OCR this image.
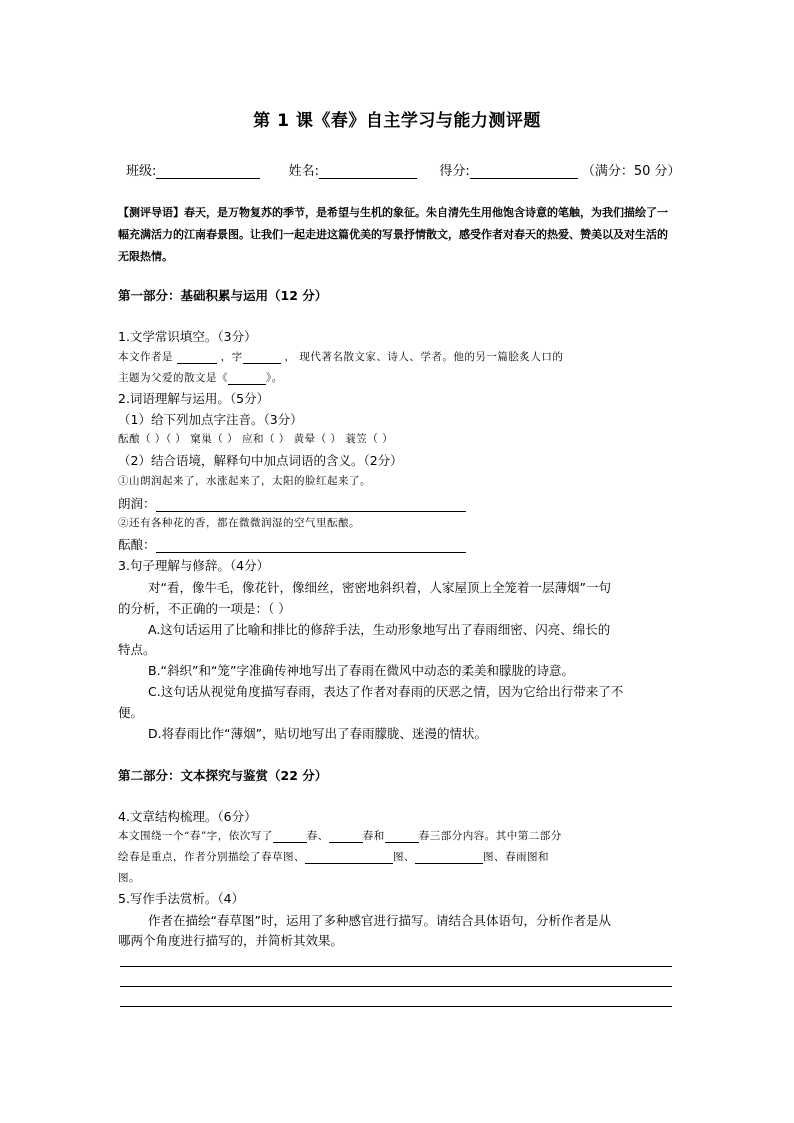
第 1 课《春》自主学习与能力测评题
班级:	姓名:	得分:	（满分：50 分）
【测评导语】春天，是万物复苏的季节，是希望与生机的象征。朱自清先生用他饱含诗意的笔触，为我们描绘了一幅充满活力的江南春景图。让我们一起走进这篇优美的写景抒情散文，感受作者对春天的热爱、赞美以及对生活的无限热情。
第一部分：基础积累与运用（12 分）
1.文学常识填空。（3分）
本文作者是	，字	， 现代著名散文家、诗人、学者。他的另一篇脍炙人口的
主题为父爱的散文是《	》。
2.词语理解与运用。（5分）
（1）给下列加点字注音。（3分）
酝酿（ ）（ ） 窠巢（ ） 应和（ ） 黄晕（ ） 蓑笠（ ）
（2）结合语境，解释句中加点词语的含义。（2分）
①山朗润起来了，水涨起来了，太阳的脸红起来了。
朗润：
②还有各种花的香，都在微微润湿的空气里酝酿。
酝酿：
3.句子理解与修辞。（4分）
对“看，像牛毛，像花针，像细丝，密密地斜织着，人家屋顶上全笼着一层薄烟”一句
的分析，不正确的一项是：（ ）
A.这句话运用了比喻和排比的修辞手法，生动形象地写出了春雨细密、闪亮、绵长的
特点。
B.“斜织”和“笼”字准确传神地写出了春雨在微风中动态的柔美和朦胧的诗意。
C.这句话从视觉角度描写春雨，表达了作者对春雨的厌恶之情，因为它给出行带来了不
便。
D.将春雨比作“薄烟”，贴切地写出了春雨朦胧、迷漫的情状。
第二部分：文本探究与鉴赏（22 分）
4.文章结构梳理。（6分）
本文围绕一个“春”字，依次写了	春、	春和	春三部分内容。其中第二部分
绘春是重点，作者分别描绘了春草图、	图、	图、春雨图和
图。
5.写作手法赏析。（4）
作者在描绘“春草图”时，运用了多种感官进行描写。请结合具体语句，分析作者是从
哪两个角度进行描写的，并简析其效果。
